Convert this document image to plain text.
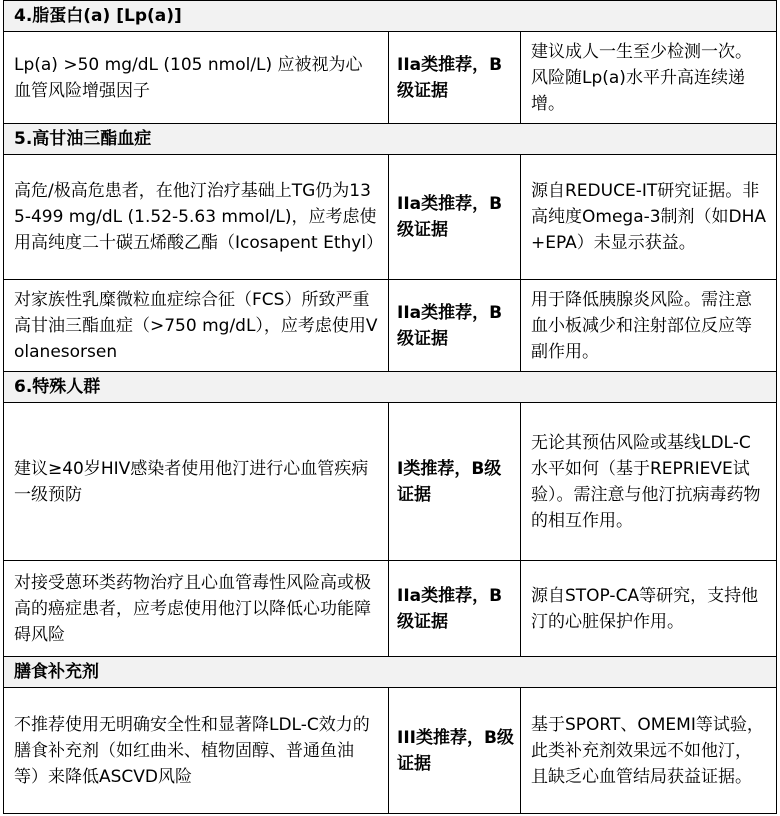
4.脂蛋白(a) [Lp(a)]		
Lp(a) >50 mg/dL (105 nmol/L) 应被视为心血管风险增强因子	IIa类推荐，B级证据	建议成人一生至少检测一次。风险随Lp(a)水平升高连续递增。
5.高甘油三酯血症		
高危/极高危患者，在他汀治疗基础上TG仍为135-499 mg/dL (1.52-5.63 mmol/L)，应考虑使用高纯度二十碳五烯酸乙酯（Icosapent Ethyl）	IIa类推荐，B级证据	源自REDUCE-IT研究证据。非高纯度Omega-3制剂（如DHA+EPA）未显示获益。
对家族性乳糜微粒血症综合征（FCS）所致严重高甘油三酯血症（>750 mg/dL），应考虑使用Volanesorsen	IIa类推荐，B级证据	用于降低胰腺炎风险。需注意血小板减少和注射部位反应等副作用。
6.特殊人群		
建议≥40岁HIV感染者使用他汀进行心血管疾病一级预防	I类推荐，B级证据	无论其预估风险或基线LDL-C水平如何（基于REPRIEVE试验）。需注意与他汀抗病毒药物的相互作用。
对接受蒽环类药物治疗且心血管毒性风险高或极高的癌症患者，应考虑使用他汀以降低心功能障碍风险	IIa类推荐，B级证据	源自STOP-CA等研究，支持他汀的心脏保护作用。
膳食补充剂		
不推荐使用无明确安全性和显著降LDL-C效力的膳食补充剂（如红曲米、植物固醇、普通鱼油等）来降低ASCVD风险	III类推荐，B级证据	基于SPORT、OMEMI等试验，此类补充剂效果远不如他汀，且缺乏心血管结局获益证据。
